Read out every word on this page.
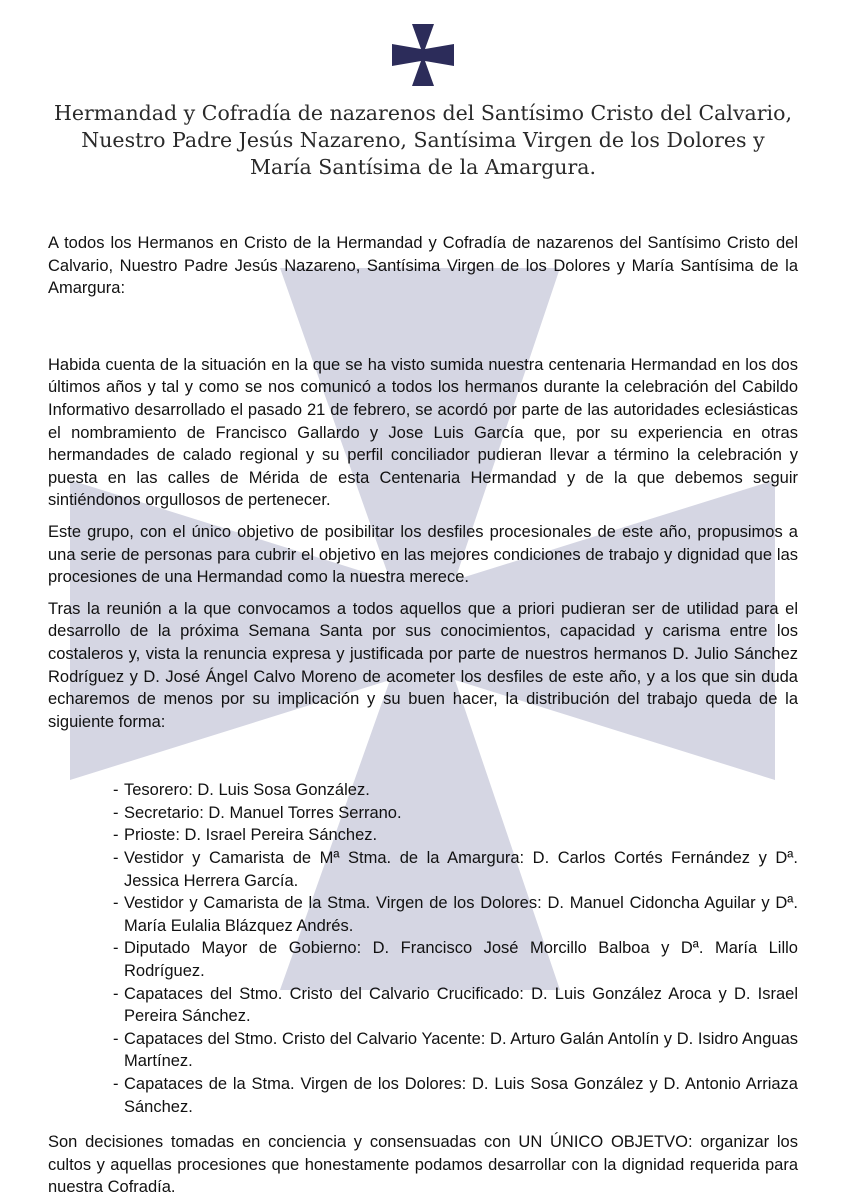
Hermandad y Cofradía de nazarenos del Santísimo Cristo del Calvario,
Nuestro Padre Jesús Nazareno, Santísima Virgen de los Dolores y
María Santísima de la Amargura.

A todos los Hermanos en Cristo de la Hermandad y Cofradía de nazarenos del Santísimo Cristo del Calvario, Nuestro Padre Jesús Nazareno, Santísima Virgen de los Dolores y María Santísima de la Amargura:

Habida cuenta de la situación en la que se ha visto sumida nuestra centenaria Hermandad en los dos últimos años y tal y como se nos comunicó a todos los hermanos durante la celebración del Cabildo Informativo desarrollado el pasado 21 de febrero, se acordó por parte de las autoridades eclesiásticas el nombramiento de Francisco Gallardo y Jose Luis García que, por su experiencia en otras hermandades de calado regional y su perfil conciliador pudieran llevar a término la celebración y puesta en las calles de Mérida de esta Centenaria Hermandad y de la que debemos seguir sintiéndonos orgullosos de pertenecer.

Este grupo, con el único objetivo de posibilitar los desfiles procesionales de este año, propusimos a una serie de personas para cubrir el objetivo en las mejores condiciones de trabajo y dignidad que las procesiones de una Hermandad como la nuestra merece.

Tras la reunión a la que convocamos a todos aquellos que a priori pudieran ser de utilidad para el desarrollo de la próxima Semana Santa por sus conocimientos, capacidad y carisma entre los costaleros y, vista la renuncia expresa y justificada por parte de nuestros hermanos D. Julio Sánchez Rodríguez y D. José Ángel Calvo Moreno de acometer los desfiles de este año, y a los que sin duda echaremos de menos por su implicación y su buen hacer, la distribución del trabajo queda de la siguiente forma:

- Tesorero: D. Luis Sosa González.
- Secretario: D. Manuel Torres Serrano.
- Prioste: D. Israel Pereira Sánchez.
- Vestidor y Camarista de Mª Stma. de la Amargura: D. Carlos Cortés Fernández y Dª. Jessica Herrera García.
- Vestidor y Camarista de la Stma. Virgen de los Dolores: D. Manuel Cidoncha Aguilar y Dª. María Eulalia Blázquez Andrés.
- Diputado Mayor de Gobierno: D. Francisco José Morcillo Balboa y Dª. María Lillo Rodríguez.
- Capataces del Stmo. Cristo del Calvario Crucificado: D. Luis González Aroca y D. Israel Pereira Sánchez.
- Capataces del Stmo. Cristo del Calvario Yacente: D. Arturo Galán Antolín y D. Isidro Anguas Martínez.
- Capataces de la Stma. Virgen de los Dolores: D. Luis Sosa González y D. Antonio Arriaza Sánchez.

Son decisiones tomadas en conciencia y consensuadas con UN ÚNICO OBJETVO: organizar los cultos y aquellas procesiones que honestamente podamos desarrollar con la dignidad requerida para nuestra Cofradía.
